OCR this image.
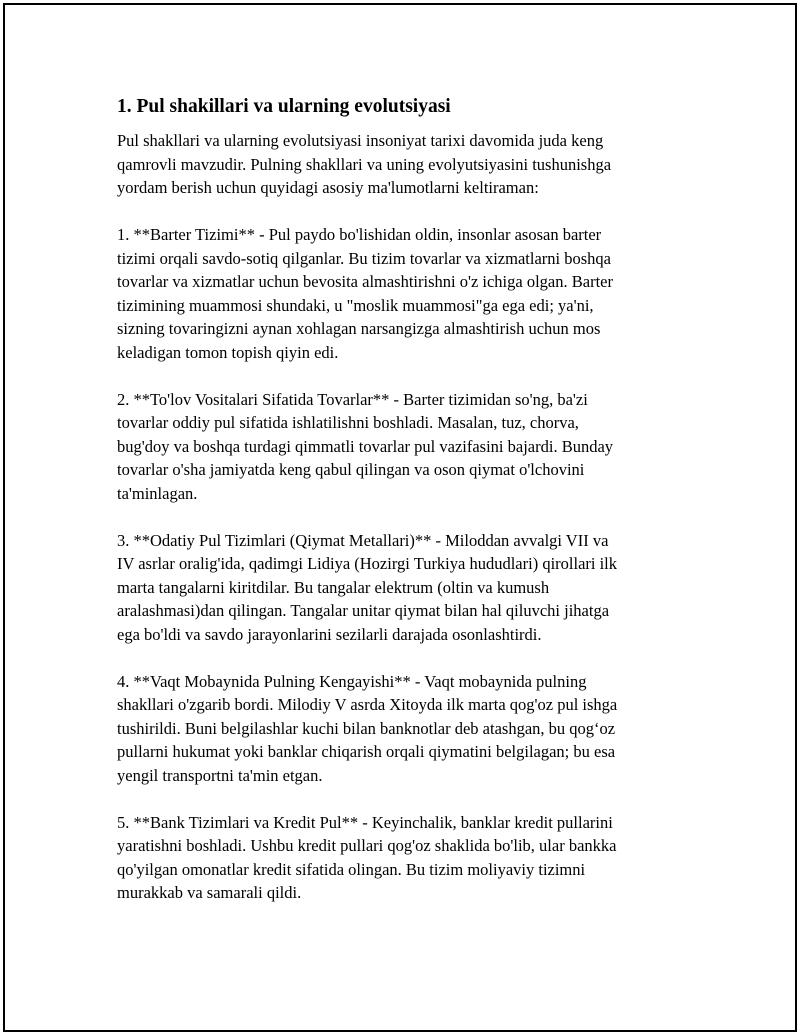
1. Pul shakillari va ularning evolutsiyasi

Pul shakllari va ularning evolutsiyasi insoniyat tarixi davomida juda keng
qamrovli mavzudir. Pulning shakllari va uning evolyutsiyasini tushunishga
yordam berish uchun quyidagi asosiy ma'lumotlarni keltiraman:

1. **Barter Tizimi** - Pul paydo bo'lishidan oldin, insonlar asosan barter
tizimi orqali savdo-sotiq qilganlar. Bu tizim tovarlar va xizmatlarni boshqa
tovarlar va xizmatlar uchun bevosita almashtirishni o'z ichiga olgan. Barter
tizimining muammosi shundaki, u "moslik muammosi"ga ega edi; ya'ni,
sizning tovaringizni aynan xohlagan narsangizga almashtirish uchun mos
keladigan tomon topish qiyin edi.

2. **To'lov Vositalari Sifatida Tovarlar** - Barter tizimidan so'ng, ba'zi
tovarlar oddiy pul sifatida ishlatilishni boshladi. Masalan, tuz, chorva,
bug'doy va boshqa turdagi qimmatli tovarlar pul vazifasini bajardi. Bunday
tovarlar o'sha jamiyatda keng qabul qilingan va oson qiymat o'lchovini
ta'minlagan.

3. **Odatiy Pul Tizimlari (Qiymat Metallari)** - Miloddan avvalgi VII va
IV asrlar oralig'ida, qadimgi Lidiya (Hozirgi Turkiya hududlari) qirollari ilk
marta tangalarni kiritdilar. Bu tangalar elektrum (oltin va kumush
aralashmasi)dan qilingan. Tangalar unitar qiymat bilan hal qiluvchi jihatga
ega bo'ldi va savdo jarayonlarini sezilarli darajada osonlashtirdi.

4. **Vaqt Mobaynida Pulning Kengayishi** - Vaqt mobaynida pulning
shakllari o'zgarib bordi. Milodiy V asrda Xitoyda ilk marta qog'oz pul ishga
tushirildi. Buni belgilashlar kuchi bilan banknotlar deb atashgan, bu qog‘oz
pullarni hukumat yoki banklar chiqarish orqali qiymatini belgilagan; bu esa
yengil transportni ta'min etgan.

5. **Bank Tizimlari va Kredit Pul** - Keyinchalik, banklar kredit pullarini
yaratishni boshladi. Ushbu kredit pullari qog'oz shaklida bo'lib, ular bankka
qo'yilgan omonatlar kredit sifatida olingan. Bu tizim moliyaviy tizimni
murakkab va samarali qildi.
